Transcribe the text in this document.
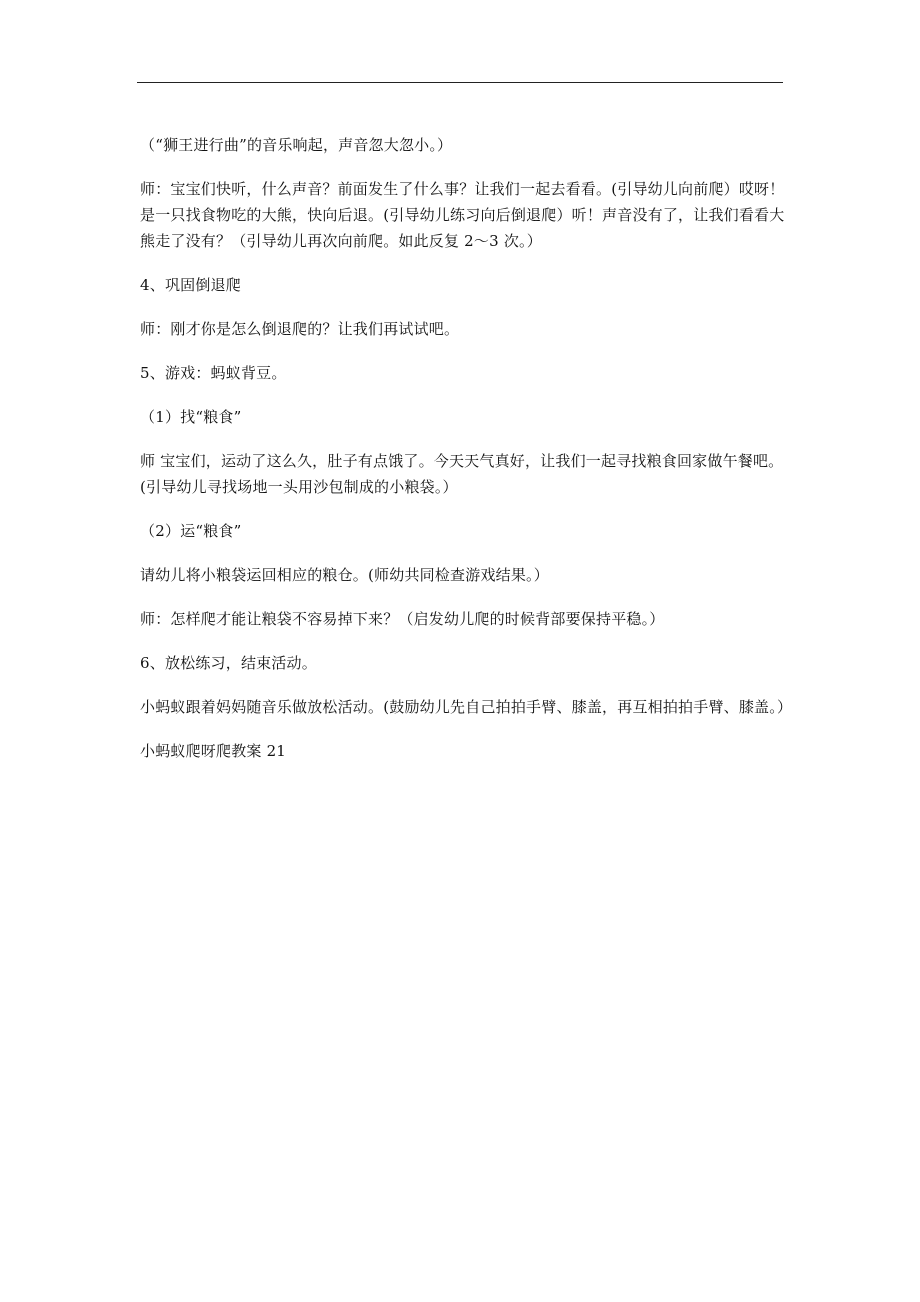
（“狮王进行曲”的音乐响起，声音忽大忽小。）

师：宝宝们快听，什么声音？前面发生了什么事？让我们一起去看看。(引导幼儿向前爬）哎呀！是一只找食物吃的大熊，快向后退。(引导幼儿练习向后倒退爬）听！声音没有了，让我们看看大熊走了没有？（引导幼儿再次向前爬。如此反复 2～3 次。）

4、巩固倒退爬

师：刚才你是怎么倒退爬的？让我们再试试吧。

5、游戏：蚂蚁背豆。

（1）找“粮食”

师 宝宝们，运动了这么久，肚子有点饿了。今天天气真好，让我们一起寻找粮食回家做午餐吧。(引导幼儿寻找场地一头用沙包制成的小粮袋。）

（2）运“粮食”

请幼儿将小粮袋运回相应的粮仓。(师幼共同检查游戏结果。）

师：怎样爬才能让粮袋不容易掉下来？（启发幼儿爬的时候背部要保持平稳。）

6、放松练习，结束活动。

小蚂蚁跟着妈妈随音乐做放松活动。(鼓励幼儿先自己拍拍手臂、膝盖，再互相拍拍手臂、膝盖。）

小蚂蚁爬呀爬教案 21
